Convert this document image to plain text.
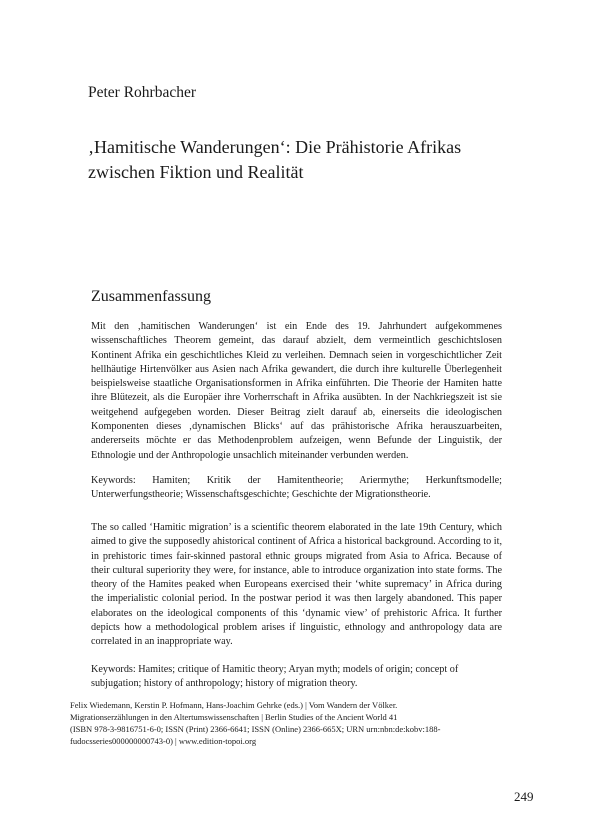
Peter Rohrbacher
‚Hamitische Wanderungen‘: Die Prähistorie Afrikas zwischen Fiktion und Realität
Zusammenfassung

Mit den ‚hamitischen Wanderungen‘ ist ein Ende des 19. Jahrhundert aufgekommenes wissenschaftliches Theorem gemeint, das darauf abzielt, dem vermeintlich geschichtslosen Kontinent Afrika ein geschichtliches Kleid zu verleihen. Demnach seien in vorgeschichtlicher Zeit hellhäutige Hirtenvölker aus Asien nach Afrika gewandert, die durch ihre kulturelle Überlegenheit beispielsweise staatliche Organisationsformen in Afrika einführten. Die Theorie der Hamiten hatte ihre Blütezeit, als die Europäer ihre Vorherrschaft in Afrika ausübten. In der Nachkriegszeit ist sie weitgehend aufgegeben worden. Dieser Beitrag zielt darauf ab, einerseits die ideologischen Komponenten dieses ‚dynamischen Blicks‘ auf das prähistorische Afrika herauszuarbeiten, andererseits möchte er das Methodenproblem aufzeigen, wenn Befunde der Linguistik, der Ethnologie und der Anthropologie unsachlich miteinander verbunden werden.

Keywords: Hamiten; Kritik der Hamitentheorie; Ariermythe; Herkunftsmodelle; Unterwerfungstheorie; Wissenschaftsgeschichte; Geschichte der Migrationstheorie.

The so called ‘Hamitic migration’ is a scientific theorem elaborated in the late 19th Century, which aimed to give the supposedly ahistorical continent of Africa a historical background. According to it, in prehistoric times fair-skinned pastoral ethnic groups migrated from Asia to Africa. Because of their cultural superiority they were, for instance, able to introduce organization into state forms. The theory of the Hamites peaked when Europeans exercised their ‘white supremacy’ in Africa during the imperialistic colonial period. In the postwar period it was then largely abandoned. This paper elaborates on the ideological components of this ‘dynamic view’ of prehistoric Africa. It further depicts how a methodological problem arises if linguistic, ethnology and anthropology data are correlated in an inappropriate way.

Keywords: Hamites; critique of Hamitic theory; Aryan myth; models of origin; concept of subjugation; history of anthropology; history of migration theory.

Felix Wiedemann, Kerstin P. Hofmann, Hans-Joachim Gehrke (eds.) | Vom Wandern der Völker.
Migrationserzählungen in den Altertumswissenschaften | Berlin Studies of the Ancient World 41
(ISBN 978-3-9816751-6-0; ISSN (Print) 2366-6641; ISSN (Online) 2366-665X; URN urn:nbn:de:kobv:188-
fudocsseries000000000743-0) | www.edition-topoi.org
249
